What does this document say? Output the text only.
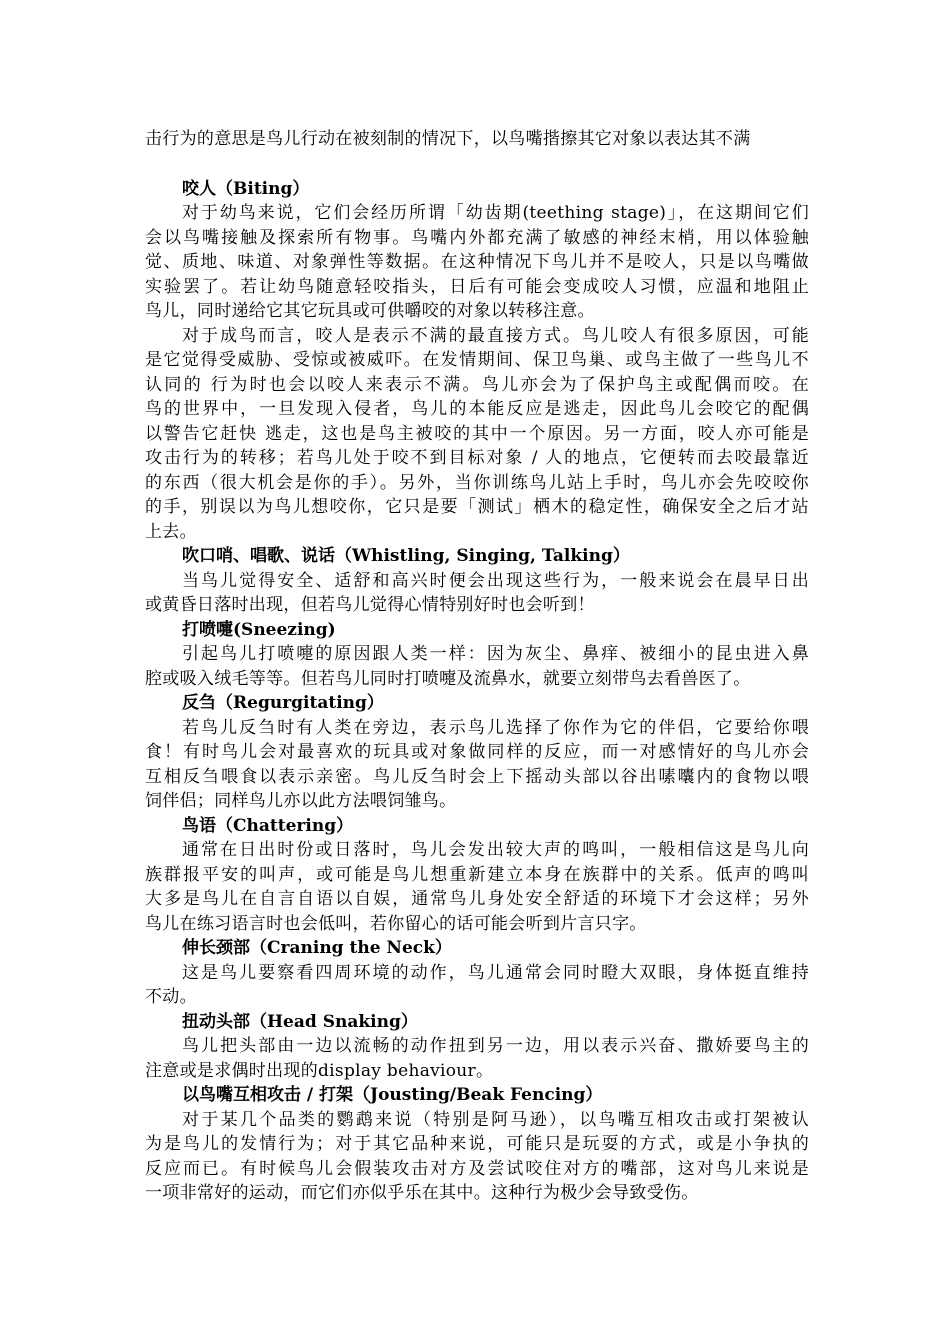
击行为的意思是鸟儿行动在被刻制的情况下，以鸟嘴揩擦其它对象以表达其不满
咬人（Biting）
对于幼鸟来说，它们会经历所谓「幼齿期(teething stage)」，在这期间它们
会以鸟嘴接触及探索所有物事。鸟嘴内外都充满了敏感的神经末梢，用以体验触
觉、质地、味道、对象弹性等数据。在这种情况下鸟儿并不是咬人，只是以鸟嘴做
实验罢了。若让幼鸟随意轻咬指头，日后有可能会变成咬人习惯，应温和地阻止
鸟儿，同时递给它其它玩具或可供嚼咬的对象以转移注意。
对于成鸟而言，咬人是表示不满的最直接方式。鸟儿咬人有很多原因，可能
是它觉得受威胁、受惊或被威吓。在发情期间、保卫鸟巢、或鸟主做了一些鸟儿不
认同的 行为时也会以咬人来表示不满。鸟儿亦会为了保护鸟主或配偶而咬。在
鸟的世界中，一旦发现入侵者，鸟儿的本能反应是逃走，因此鸟儿会咬它的配偶
以警告它赶快 逃走，这也是鸟主被咬的其中一个原因。另一方面，咬人亦可能是
攻击行为的转移；若鸟儿处于咬不到目标对象 / 人的地点，它便转而去咬最靠近
的东西（很大机会是你的手）。另外，当你训练鸟儿站上手时，鸟儿亦会先咬咬你
的手，别误以为鸟儿想咬你，它只是要「测试」栖木的稳定性，确保安全之后才站
上去。
吹口哨、唱歌、说话（Whistling, Singing, Talking）
当鸟儿觉得安全、适舒和高兴时便会出现这些行为，一般来说会在晨早日出
或黄昏日落时出现，但若鸟儿觉得心情特别好时也会听到！
打喷嚏(Sneezing)
引起鸟儿打喷嚏的原因跟人类一样：因为灰尘、鼻痒、被细小的昆虫进入鼻
腔或吸入绒毛等等。但若鸟儿同时打喷嚏及流鼻水，就要立刻带鸟去看兽医了。
反刍（Regurgitating）
若鸟儿反刍时有人类在旁边，表示鸟儿选择了你作为它的伴侣，它要给你喂
食！有时鸟儿会对最喜欢的玩具或对象做同样的反应，而一对感情好的鸟儿亦会
互相反刍喂食以表示亲密。鸟儿反刍时会上下摇动头部以谷出嗉囔内的食物以喂
饲伴侣；同样鸟儿亦以此方法喂饲雏鸟。
鸟语（Chattering）
通常在日出时份或日落时，鸟儿会发出较大声的鸣叫，一般相信这是鸟儿向
族群报平安的叫声，或可能是鸟儿想重新建立本身在族群中的关系。低声的鸣叫
大多是鸟儿在自言自语以自娱，通常鸟儿身处安全舒适的环境下才会这样；另外
鸟儿在练习语言时也会低叫，若你留心的话可能会听到片言只字。
伸长颈部（Craning the Neck）
这是鸟儿要察看四周环境的动作，鸟儿通常会同时瞪大双眼，身体挺直维持
不动。
扭动头部（Head Snaking）
鸟儿把头部由一边以流畅的动作扭到另一边，用以表示兴奋、撒娇要鸟主的
注意或是求偶时出现的display behaviour。
以鸟嘴互相攻击 / 打架（Jousting/Beak Fencing）
对于某几个品类的鹦鹉来说（特别是阿马逊），以鸟嘴互相攻击或打架被认
为是鸟儿的发情行为；对于其它品种来说，可能只是玩耍的方式，或是小争执的
反应而已。有时候鸟儿会假装攻击对方及尝试咬住对方的嘴部，这对鸟儿来说是
一项非常好的运动，而它们亦似乎乐在其中。这种行为极少会导致受伤。
